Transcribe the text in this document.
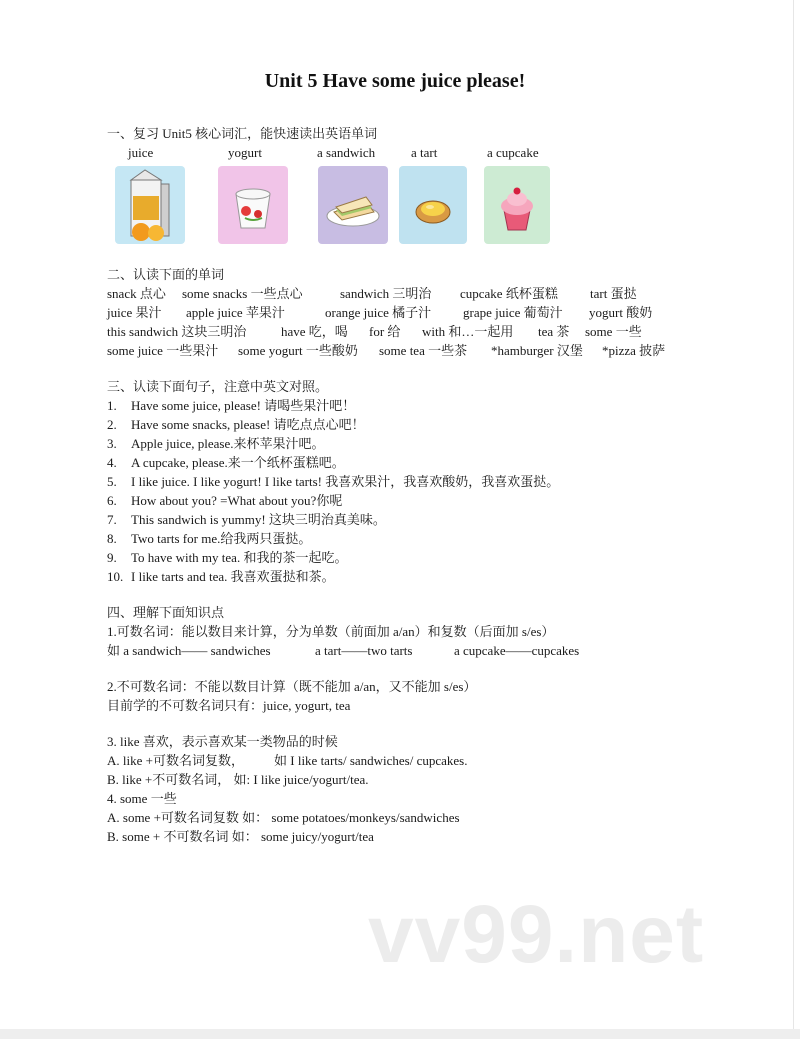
Unit 5 Have some juice please!
一、复习 Unit5 核心词汇，能快速读出英语单词
juice	yogurt	a sandwich	a tart	a cupcake
二、认读下面的单词
snack 点心 some snacks 一些点心	sandwich 三明治 cupcake 纸杯蛋糕 tart 蛋挞
juice 果汁 apple juice 苹果汁	orange juice 橘子汁 grape juice 葡萄汁 yogurt 酸奶
this sandwich 这块三明治	have 吃，喝 for 给 with 和…一起用 tea 茶 some 一些
some juice 一些果汁 some yogurt 一些酸奶 some tea 一些茶 *hamburger 汉堡 *pizza 披萨
三、认读下面句子，注意中英文对照。
1. Have some juice, please! 请喝些果汁吧！
2. Have some snacks, please! 请吃点点心吧！
3. Apple juice, please.来杯苹果汁吧。
4. A cupcake, please.来一个纸杯蛋糕吧。
5. I like juice. I like yogurt! I like tarts! 我喜欢果汁，我喜欢酸奶，我喜欢蛋挞。
6. How about you? =What about you?你呢
7. This sandwich is yummy! 这块三明治真美味。
8. Two tarts for me.给我两只蛋挞。
9. To have with my tea. 和我的茶一起吃。
10. I like tarts and tea. 我喜欢蛋挞和茶。
四、理解下面知识点
1.可数名词：能以数目来计算，分为单数（前面加 a/an）和复数（后面加 s/es）
如 a sandwich—— sandwiches	a tart——two tarts	a cupcake——cupcakes
2.不可数名词：不能以数目计算（既不能加 a/an，又不能加 s/es）
目前学的不可数名词只有：juice, yogurt, tea
3. like 喜欢，表示喜欢某一类物品的时候
A. like +可数名词复数， 如 I like tarts/ sandwiches/ cupcakes.
B. like +不可数名词， 如: I like juice/yogurt/tea.
4. some 一些
A. some +可数名词复数 如： some potatoes/monkeys/sandwiches
B. some + 不可数名词 如： some juicy/yogurt/tea
vv99.net
